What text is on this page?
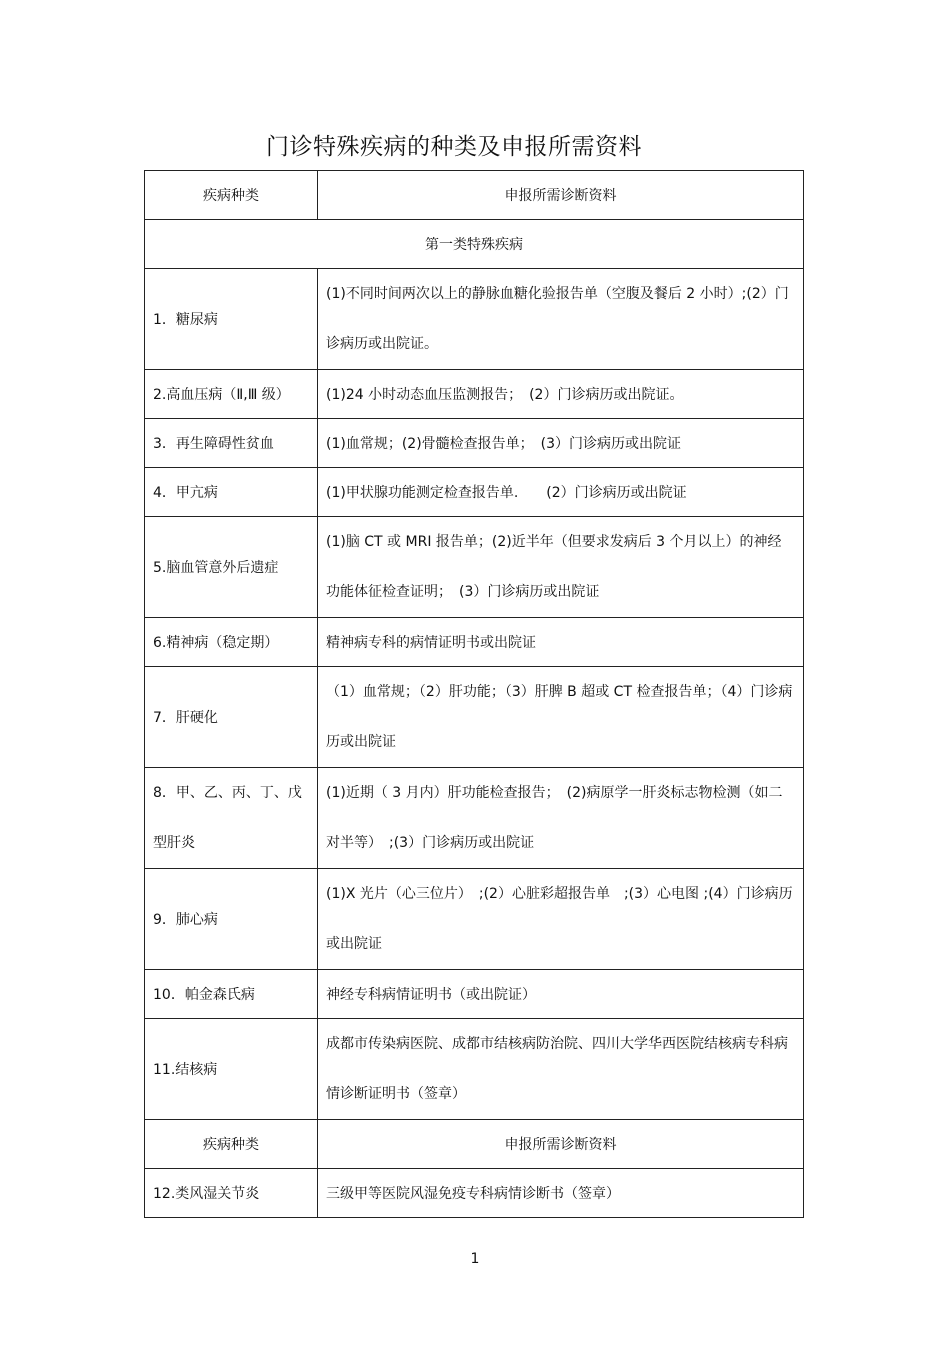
门诊特殊疾病的种类及申报所需资料
疾病种类	申报所需诊断资料
第一类特殊疾病	
1．糖尿病	(1)不同时间两次以上的静脉血糖化验报告单（空腹及餐后 2 小时）;(2）门诊病历或出院证。
2.高血压病（Ⅱ,Ⅲ 级）	(1)24 小时动态血压监测报告；　(2）门诊病历或出院证。
3．再生障碍性贫血	(1)血常规；(2)骨髓检查报告单；　(3）门诊病历或出院证
4．甲亢病	(1)甲状腺功能测定检查报告单.　　(2）门诊病历或出院证
5.脑血管意外后遗症	(1)脑 CT 或 MRI 报告单；(2)近半年（但要求发病后 3 个月以上）的神经功能体征检查证明；　(3）门诊病历或出院证
6.精神病（稳定期）	精神病专科的病情证明书或出院证
7．肝硬化	（1）血常规；（2）肝功能；（3）肝脾 B 超或 CT 检查报告单；（4）门诊病历或出院证
8．甲、乙、丙、丁、戊型肝炎	(1)近期（ 3 月内）肝功能检查报告；　(2)病原学一肝炎标志物检测（如二对半等）　;(3）门诊病历或出院证
9．肺心病	(1)X 光片（心三位片）　;(2）心脏彩超报告单　;(3）心电图 ;(4）门诊病历或出院证
10．帕金森氏病	神经专科病情证明书（或出院证）
11.结核病	成都市传染病医院、成都市结核病防治院、四川大学华西医院结核病专科病情诊断证明书（签章）
疾病种类	申报所需诊断资料
12.类风湿关节炎	三级甲等医院风湿免疫专科病情诊断书（签章）
1
